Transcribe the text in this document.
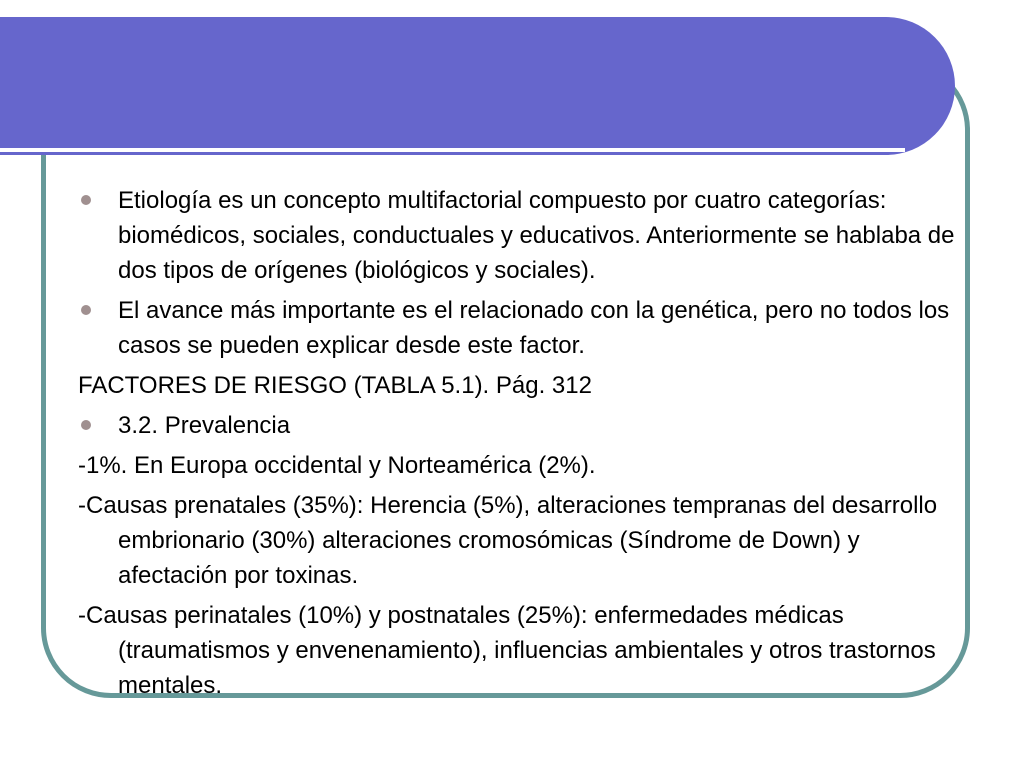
Etiología es un concepto multifactorial compuesto por cuatro categorías: biomédicos, sociales, conductuales y educativos. Anteriormente se hablaba de dos tipos de orígenes (biológicos y sociales).
El avance más importante es el relacionado con la genética, pero no todos los casos se pueden explicar desde este factor.
FACTORES DE RIESGO (TABLA 5.1). Pág. 312
3.2. Prevalencia
-1%. En Europa occidental y Norteamérica (2%).
-Causas prenatales (35%): Herencia (5%), alteraciones tempranas del desarrollo embrionario (30%) alteraciones cromosómicas (Síndrome de Down) y afectación por toxinas.
-Causas perinatales (10%) y postnatales (25%): enfermedades médicas (traumatismos y envenenamiento), influencias ambientales y otros trastornos mentales.
